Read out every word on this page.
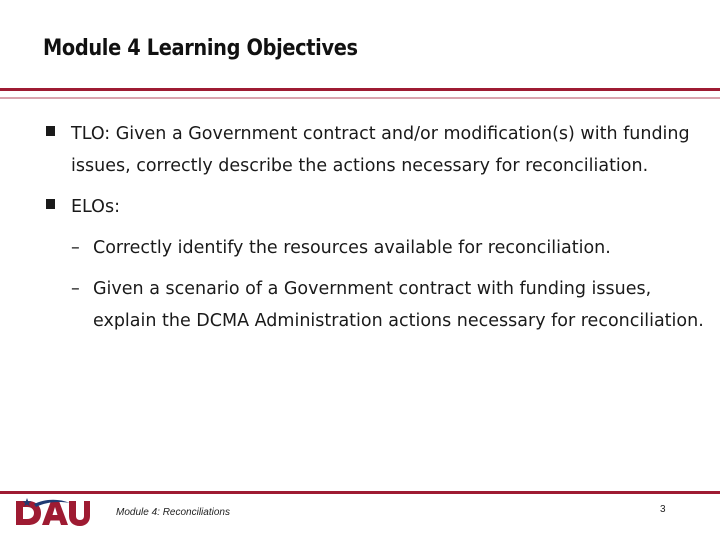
Module 4 Learning Objectives
TLO: Given a Government contract and/or modification(s) with funding issues, correctly describe the actions necessary for reconciliation.
ELOs:
– Correctly identify the resources available for reconciliation.
– Given a scenario of a Government contract with funding issues, explain the DCMA Administration actions necessary for reconciliation.
Module 4: Reconciliations	3
